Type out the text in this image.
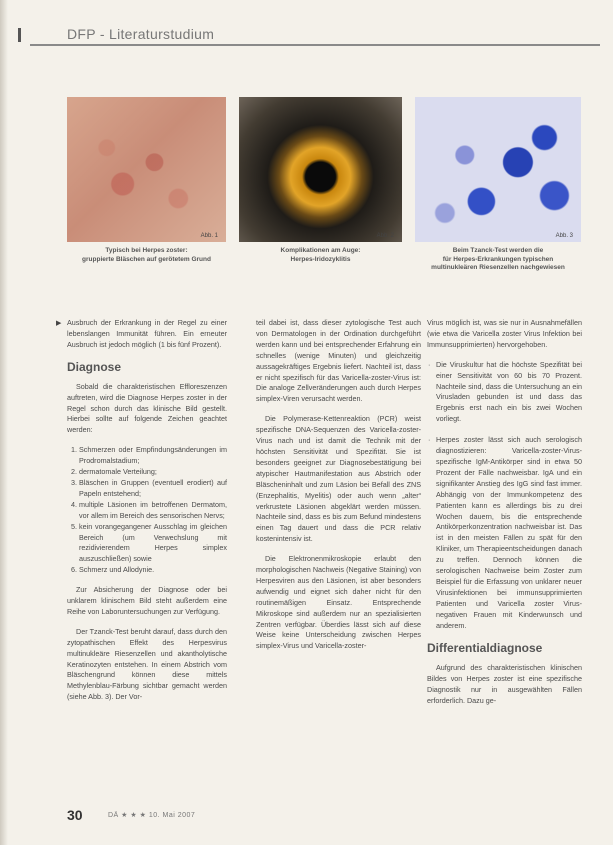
DFP - Literaturstudium
Abb. 1	Abb. 2	Abb. 3
Typisch bei Herpes zoster:
gruppierte Bläschen auf gerötetem Grund
Komplikationen am Auge:
Herpes-Iridozyklitis
Beim Tzanck-Test werden die
für Herpes-Erkrankungen typischen
multinukleären Riesenzellen nachgewiesen
▶ Ausbruch der Erkrankung in der Regel zu einer lebenslangen Immunität führen. Ein erneuter Ausbruch ist jedoch möglich (1 bis fünf Prozent).

Diagnose

Sobald die charakteristischen Effloreszenzen auftreten, wird die Diagnose Herpes zoster in der Regel schon durch das klinische Bild gestellt. Hierbei sollte auf folgende Zeichen geachtet werden:

1. Schmerzen oder Empfindungsänderungen im Prodromalstadium;
2. dermatomale Verteilung;
3. Bläschen in Gruppen (eventuell erodiert) auf Papeln entstehend;
4. multiple Läsionen im betroffenen Dermatom, vor allem im Bereich des sensorischen Nervs;
5. kein vorangegangener Ausschlag im gleichen Bereich (um Verwechslung mit rezidivierendem Herpes simplex auszuschließen) sowie
6. Schmerz und Allodynie.

Zur Absicherung der Diagnose oder bei unklarem klinischem Bild steht außerdem eine Reihe von Laboruntersuchungen zur Verfügung.

Der Tzanck-Test beruht darauf, dass durch den zytopathischen Effekt des Herpesvirus multinukleäre Riesenzellen und akantholytische Keratinozyten entstehen. In einem Abstrich vom Bläschengrund können diese mittels Methylenblau-Färbung sichtbar gemacht werden (siehe Abb. 3). Der Vor-

teil dabei ist, dass dieser zytologische Test auch von Dermatologen in der Ordination durchgeführt werden kann und bei entsprechender Erfahrung ein schnelles (wenige Minuten) und gleichzeitig aussagekräftiges Ergebnis liefert. Nachteil ist, dass er nicht spezifisch für das Varicella-zoster-Virus ist: Die analoge Zellveränderungen auch durch Herpes simplex-Viren verursacht werden.

Die Polymerase-Kettenreaktion (PCR) weist spezifische DNA-Sequenzen des Varicella-zoster-Virus nach und ist damit die Technik mit der höchsten Sensitivität und Spezifität. Sie ist besonders geeignet zur Diagnosebestätigung bei atypischer Hautmanifestation aus Abstrich oder Bläscheninhalt und zum Läsion bei Befall des ZNS (Enzephalitis, Myelitis) oder auch wenn „alter“ verkrustete Läsionen abgeklärt werden müssen. Nachteile sind, dass es bis zum Befund mindestens einen Tag dauert und dass die PCR relativ kostenintensiv ist.

Die Elektronenmikroskopie erlaubt den morphologischen Nachweis (Negative Staining) von Herpesviren aus den Läsionen, ist aber besonders aufwendig und eignet sich daher nicht für den routinemäßigen Einsatz. Entsprechende Mikroskope sind außerdem nur an spezialisierten Zentren verfügbar. Überdies lässt sich auf diese Weise keine Unterscheidung zwischen Herpes simplex-Virus und Varicella-zoster-

Virus möglich ist, was sie nur in Ausnahmefällen (wie etwa die Varicella zoster Virus Infektion bei Immunsupprimierten) hervorgehoben.

· Die Viruskultur hat die höchste Spezifität bei einer Sensitivität von 60 bis 70 Prozent. Nachteile sind, dass die Untersuchung an ein Virusladen gebunden ist und dass das Ergebnis erst nach ein bis zwei Wochen vorliegt.
· Herpes zoster lässt sich auch serologisch diagnostizieren: Varicella-zoster-Virus-spezifische IgM-Antikörper sind in etwa 50 Prozent der Fälle nachweisbar. IgA und ein signifikanter Anstieg des IgG sind fast immer. Abhängig von der Immunkompetenz des Patienten kann es allerdings bis zu drei Wochen dauern, bis die entsprechende Antikörperkonzentration nachweisbar ist. Das ist in den meisten Fällen zu spät für den Kliniker, um Therapieentscheidungen danach zu treffen. Dennoch können die serologischen Nachweise beim Zoster zum Beispiel für die Erfassung von unklarer neuer Virusinfektionen bei immunsupprimierten Patienten und Varicella zoster Virus-negativen Frauen mit Kinderwunsch und anderem.
Differentialdiagnose

Aufgrund des charakteristischen klinischen Bildes von Herpes zoster ist eine spezifische Diagnostik nur in ausgewählten Fällen erforderlich. Dazu ge-

30	DÄ ★ ★ ★ 10. Mai 2007
